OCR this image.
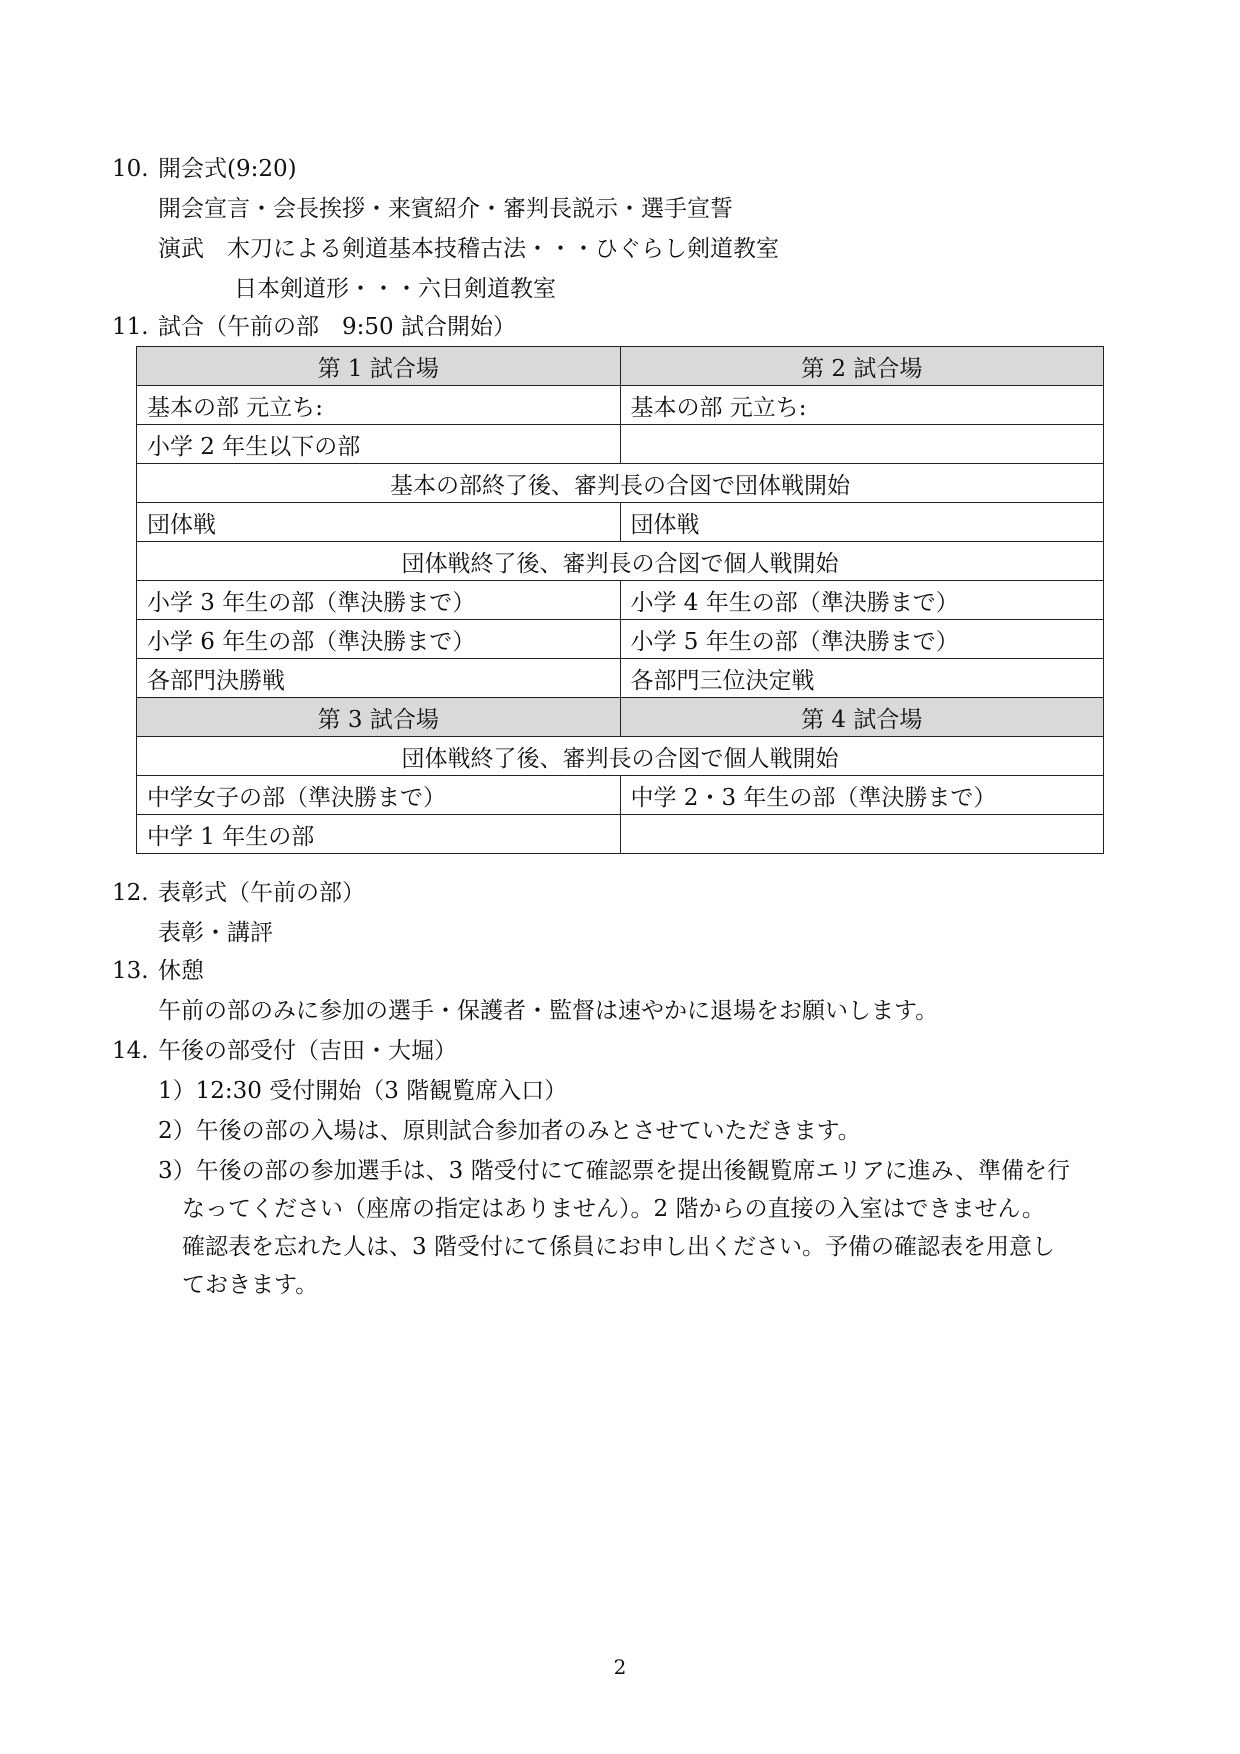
10. 開会式(9:20)
開会宣言・会長挨拶・来賓紹介・審判長説示・選手宣誓
演武　木刀による剣道基本技稽古法・・・ひぐらし剣道教室
日本剣道形・・・六日剣道教室
11. 試合（午前の部　9:50 試合開始）
第 1 試合場	第 2 試合場
基本の部 元立ち:	基本の部 元立ち:
小学 2 年生以下の部	
基本の部終了後、審判長の合図で団体戦開始	
団体戦	団体戦
団体戦終了後、審判長の合図で個人戦開始	
小学 3 年生の部（準決勝まで）	小学 4 年生の部（準決勝まで）
小学 6 年生の部（準決勝まで）	小学 5 年生の部（準決勝まで）
各部門決勝戦	各部門三位決定戦
第 3 試合場	第 4 試合場
団体戦終了後、審判長の合図で個人戦開始	
中学女子の部（準決勝まで）	中学 2・3 年生の部（準決勝まで）
中学 1 年生の部	
12. 表彰式（午前の部）
表彰・講評
13. 休憩
午前の部のみに参加の選手・保護者・監督は速やかに退場をお願いします。
14. 午後の部受付（吉田・大堀）
1）12:30 受付開始（3 階観覧席入口）
2）午後の部の入場は、原則試合参加者のみとさせていただきます。
3）午後の部の参加選手は、3 階受付にて確認票を提出後観覧席エリアに進み、準備を行
なってください（座席の指定はありません）。2 階からの直接の入室はできません。
確認表を忘れた人は、3 階受付にて係員にお申し出ください。予備の確認表を用意し
ておきます。
2
